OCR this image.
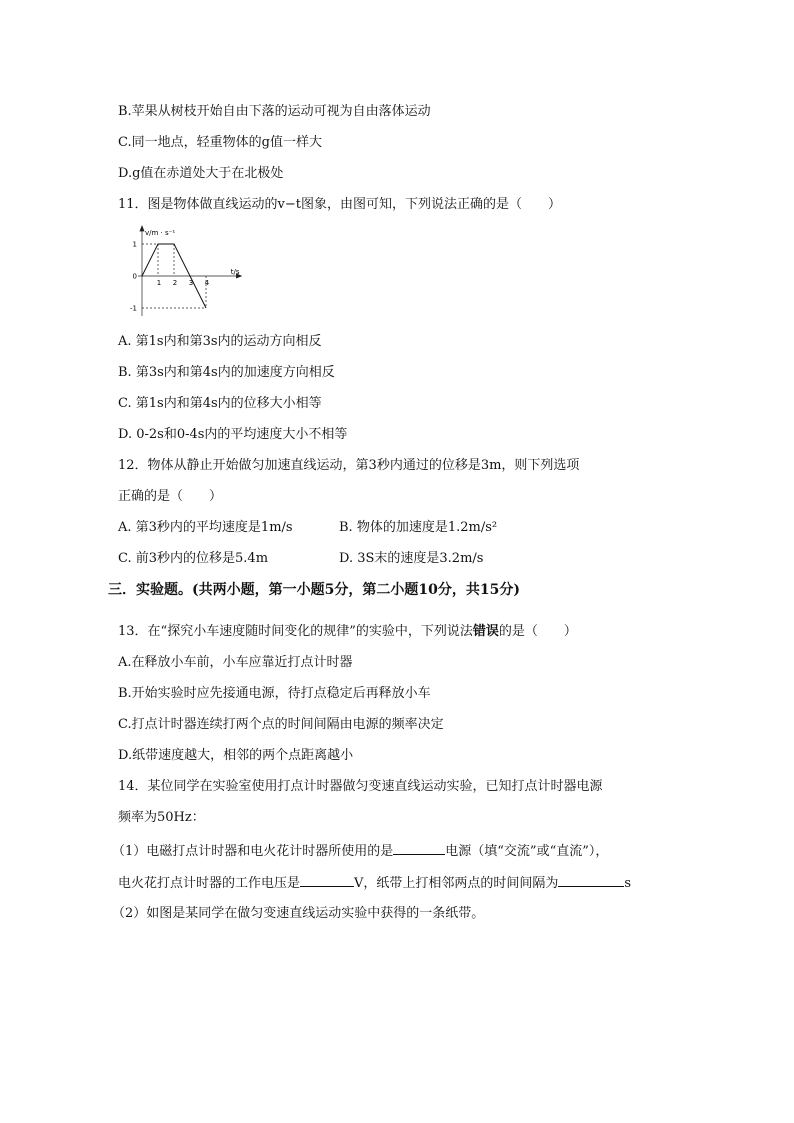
B.苹果从树枝开始自由下落的运动可视为自由落体运动
C.同一地点，轻重物体的g值一样大
D.g值在赤道处大于在北极处
11．图是物体做直线运动的v−t图象，由图可知，下列说法正确的是（　　）
1 2 3 4
1
0
-1
v/m · s⁻¹
t/s
A. 第1s内和第3s内的运动方向相反
B. 第3s内和第4s内的加速度方向相反
C. 第1s内和第4s内的位移大小相等
D. 0-2s和0-4s内的平均速度大小不相等
12．物体从静止开始做匀加速直线运动，第3秒内通过的位移是3m，则下列选项
正确的是（　　）
A. 第3秒内的平均速度是1m/s	B. 物体的加速度是1.2m/s²
C. 前3秒内的位移是5.4m	D. 3S末的速度是3.2m/s
三．实验题。(共两小题，第一小题5分，第二小题10分，共15分)
13．在“探究小车速度随时间变化的规律”的实验中，下列说法错误的是（　　）
A.在释放小车前，小车应靠近打点计时器
B.开始实验时应先接通电源，待打点稳定后再释放小车
C.打点计时器连续打两个点的时间间隔由电源的频率决定
D.纸带速度越大，相邻的两个点距离越小
14．某位同学在实验室使用打点计时器做匀变速直线运动实验，已知打点计时器电源
频率为50Hz：
（1）电磁打点计时器和电火花计时器所使用的是	电源（填“交流”或“直流”），
电火花打点计时器的工作电压是	V，纸带上打相邻两点的时间间隔为	s
（2）如图是某同学在做匀变速直线运动实验中获得的一条纸带。
